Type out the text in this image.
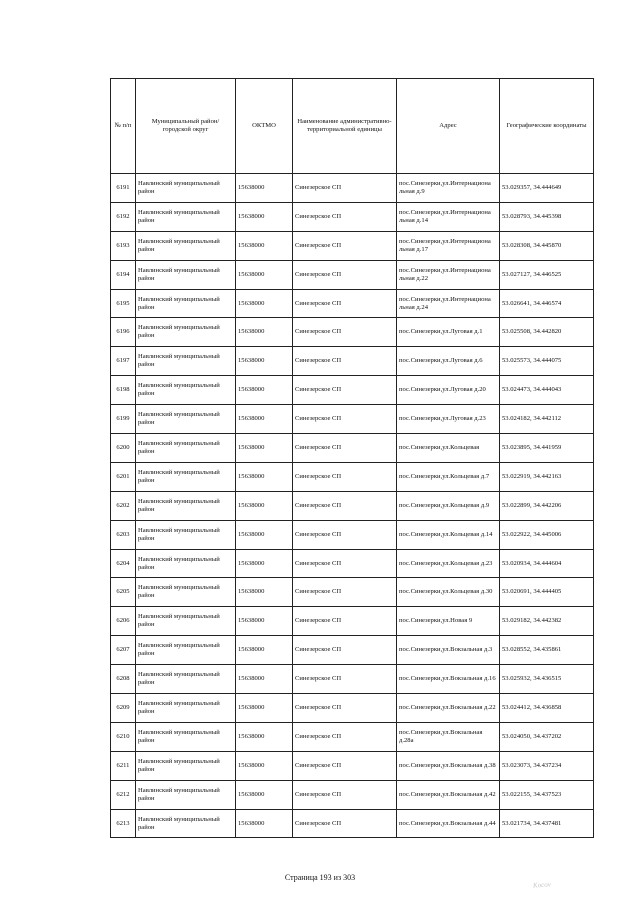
№ п/п	Муниципальный район/городской округ	ОКТМО	Наименование административно-территориальной единицы	Адрес	Географические координаты
6191	Навлинский муниципальный район	15638000	Синезерское СП	пос.Синезерки,ул.Интернациона льная д.9	53.029357, 34.444649
6192	Навлинский муниципальный район	15638000	Синезерское СП	пос.Синезерки,ул.Интернациона льная д.14	53.028793, 34.445398
6193	Навлинский муниципальный район	15638000	Синезерское СП	пос.Синезерки,ул.Интернациона льная д.17	53.028308, 34.445870
6194	Навлинский муниципальный район	15638000	Синезерское СП	пос.Синезерки,ул.Интернациона льная д.22	53.027127, 34.446525
6195	Навлинский муниципальный район	15638000	Синезерское СП	пос.Синезерки,ул.Интернациона льная д.24	53.026641, 34.446574
6196	Навлинский муниципальный район	15638000	Синезерское СП	пос.Синезерки,ул.Луговая д.1	53.025508, 34.442820
6197	Навлинский муниципальный район	15638000	Синезерское СП	пос.Синезерки,ул.Луговая д.6	53.025573, 34.444075
6198	Навлинский муниципальный район	15638000	Синезерское СП	пос.Синезерки,ул.Луговая д.20	53.024473, 34.444043
6199	Навлинский муниципальный район	15638000	Синезерское СП	пос.Синезерки,ул.Луговая д.23	53.024182, 34.442112
6200	Навлинский муниципальный район	15638000	Синезерское СП	пос.Синезерки,ул.Кольцевая	53.023895, 34.441959
6201	Навлинский муниципальный район	15638000	Синезерское СП	пос.Синезерки,ул.Кольцевая д.7	53.022919, 34.442163
6202	Навлинский муниципальный район	15638000	Синезерское СП	пос.Синезерки,ул.Кольцевая д.9	53.022899, 34.442206
6203	Навлинский муниципальный район	15638000	Синезерское СП	пос.Синезерки,ул.Кольцевая д.14	53.022922, 34.445006
6204	Навлинский муниципальный район	15638000	Синезерское СП	пос.Синезерки,ул.Кольцевая д.23	53.020934, 34.444604
6205	Навлинский муниципальный район	15638000	Синезерское СП	пос.Синезерки,ул.Кольцевая д.30	53.020691, 34.444405
6206	Навлинский муниципальный район	15638000	Синезерское СП	пос.Синезерки,ул.Новая 9	53.029182, 34.442382
6207	Навлинский муниципальный район	15638000	Синезерское СП	пос.Синезерки,ул.Вокзальная д.3	53.028552, 34.435861
6208	Навлинский муниципальный район	15638000	Синезерское СП	пос.Синезерки,ул.Вокзальная д.16	53.025932, 34.436515
6209	Навлинский муниципальный район	15638000	Синезерское СП	пос.Синезерки,ул.Вокзальная д.22	53.024412, 34.436858
6210	Навлинский муниципальный район	15638000	Синезерское СП	пос.Синезерки,ул.Вокзальная д.28а	53.024050, 34.437202
6211	Навлинский муниципальный район	15638000	Синезерское СП	пос.Синезерки,ул.Вокзальная д.38	53.023073, 34.437234
6212	Навлинский муниципальный район	15638000	Синезерское СП	пос.Синезерки,ул.Вокзальная д.42	53.022155, 34.437523
6213	Навлинский муниципальный район	15638000	Синезерское СП	пос.Синезерки,ул.Вокзальная д.44	53.021734, 34.437481
Страница 193 из 303
Kocov
